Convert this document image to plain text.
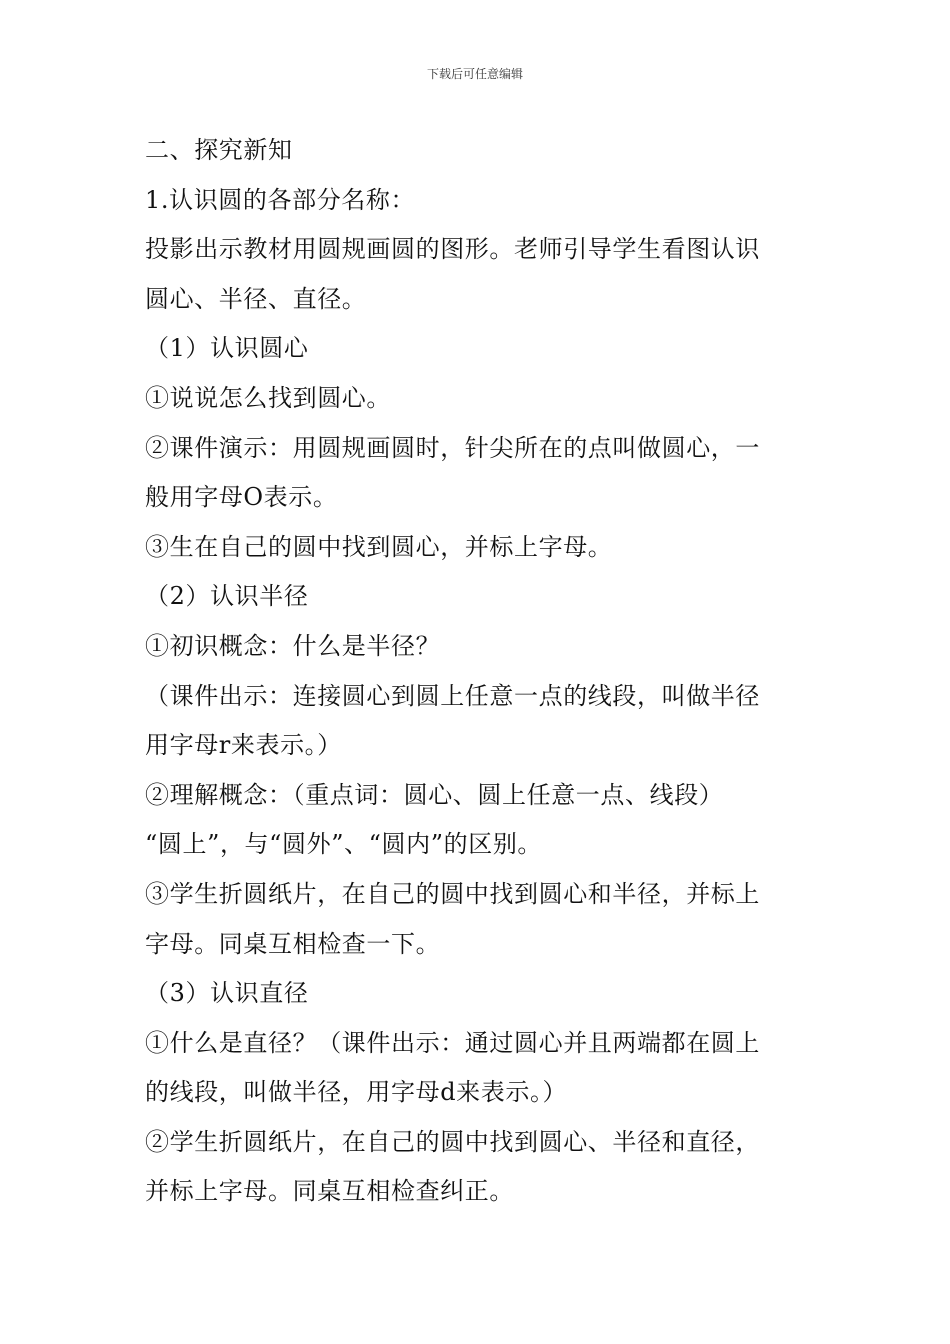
下载后可任意编辑
二、探究新知
1.认识圆的各部分名称：
投影出示教材用圆规画圆的图形。老师引导学生看图认识
圆心、半径、直径。
（1）认识圆心
①说说怎么找到圆心。
②课件演示：用圆规画圆时，针尖所在的点叫做圆心，一
般用字母O表示。
③生在自己的圆中找到圆心，并标上字母。
（2）认识半径
①初识概念：什么是半径？
（课件出示：连接圆心到圆上任意一点的线段，叫做半径
用字母r来表示。）
②理解概念：（重点词：圆心、圆上任意一点、线段）
“圆上”，与“圆外”、“圆内”的区别。
③学生折圆纸片，在自己的圆中找到圆心和半径，并标上
字母。同桌互相检查一下。
（3）认识直径
①什么是直径？（课件出示：通过圆心并且两端都在圆上
的线段，叫做半径，用字母d来表示。）
②学生折圆纸片，在自己的圆中找到圆心、半径和直径，
并标上字母。同桌互相检查纠正。
